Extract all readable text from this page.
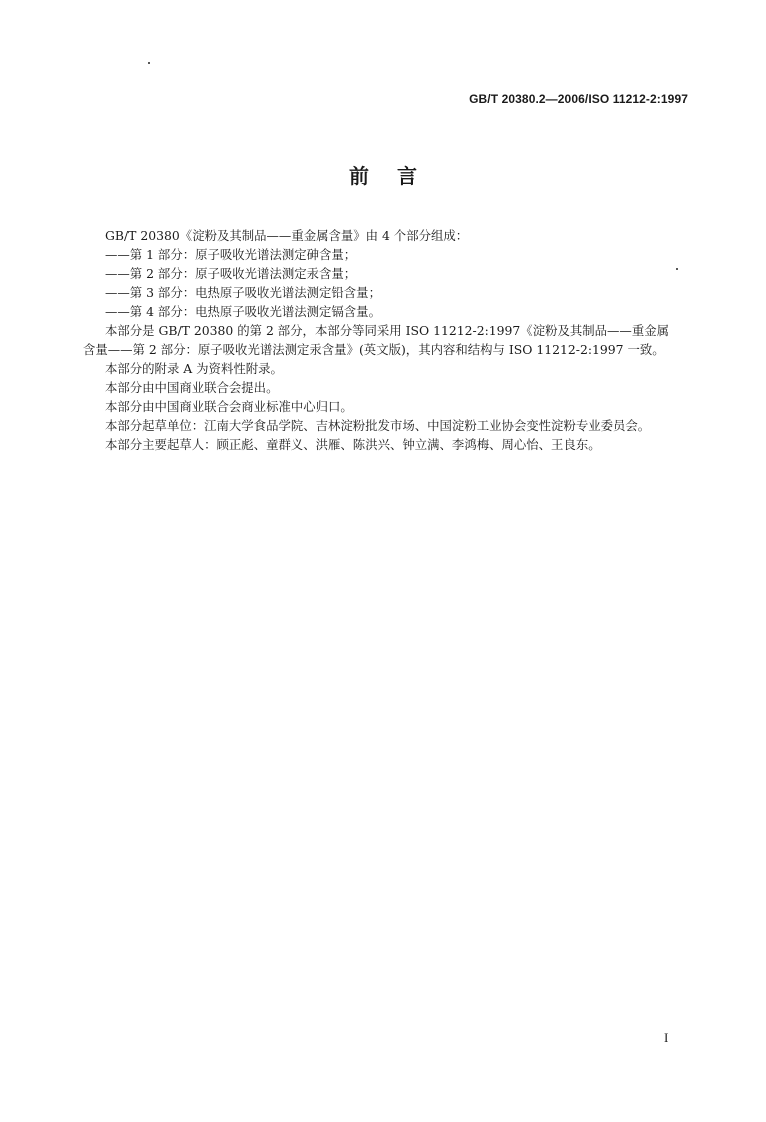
GB/T 20380.2—2006/ISO 11212-2:1997
前言
GB/T 20380《淀粉及其制品——重金属含量》由 4 个部分组成：
——第 1 部分：原子吸收光谱法测定砷含量；
——第 2 部分：原子吸收光谱法测定汞含量；
——第 3 部分：电热原子吸收光谱法测定铅含量；
——第 4 部分：电热原子吸收光谱法测定镉含量。
本部分是 GB/T 20380 的第 2 部分，本部分等同采用 ISO 11212-2:1997《淀粉及其制品——重金属
含量——第 2 部分：原子吸收光谱法测定汞含量》(英文版)，其内容和结构与 ISO 11212-2:1997 一致。
本部分的附录 A 为资料性附录。
本部分由中国商业联合会提出。
本部分由中国商业联合会商业标准中心归口。
本部分起草单位：江南大学食品学院、吉林淀粉批发市场、中国淀粉工业协会变性淀粉专业委员会。
本部分主要起草人：顾正彪、童群义、洪雁、陈洪兴、钟立满、李鸿梅、周心怡、王良东。
I
